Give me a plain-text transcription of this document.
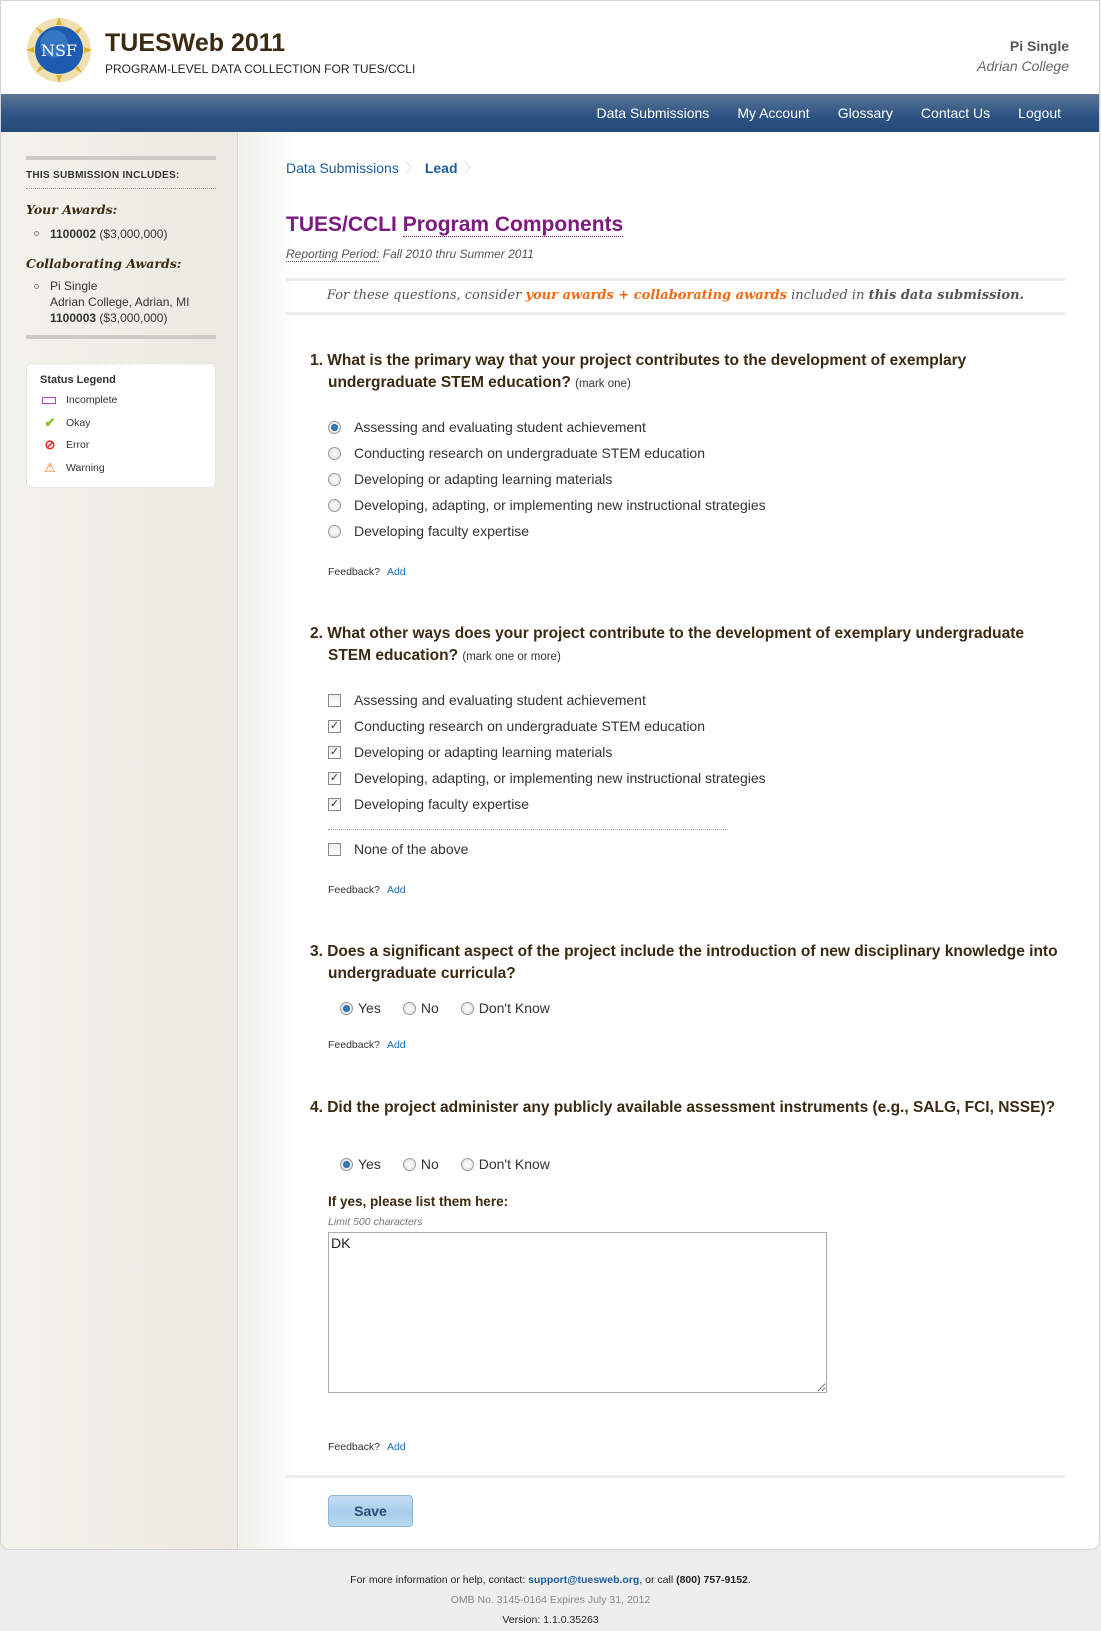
NSF TUESWeb 2011
PROGRAM-LEVEL DATA COLLECTION FOR TUES/CCLI
Pi Single
Adrian College
Data Submissions My Account Glossary Contact Us Logout
THIS SUBMISSION INCLUDES:
Your Awards:
1100002 ($3,000,000)
Collaborating Awards:
Pi Single
Adrian College, Adrian, MI
1100003 ($3,000,000)
Status Legend
Incomplete
✔ Okay
⊘ Error
⚠ Warning
Data Submissions 〉 Lead 〉
TUES/CCLI Program Components
Reporting Period: Fall 2010 thru Summer 2011
For these questions, consider your awards + collaborating awards included in this data submission.
1. What is the primary way that your project contributes to the development of exemplary undergraduate STEM education? (mark one)
Assessing and evaluating student achievement
Conducting research on undergraduate STEM education
Developing or adapting learning materials
Developing, adapting, or implementing new instructional strategies
Developing faculty expertise
Feedback? Add
2. What other ways does your project contribute to the development of exemplary undergraduate STEM education? (mark one or more)
Assessing and evaluating student achievement
✓ Conducting research on undergraduate STEM education
✓ Developing or adapting learning materials
✓ Developing, adapting, or implementing new instructional strategies
✓ Developing faculty expertise
None of the above
Feedback? Add
3. Does a significant aspect of the project include the introduction of new disciplinary knowledge into undergraduate curricula?
Yes	No	Don't Know
Feedback? Add
4. Did the project administer any publicly available assessment instruments (e.g., SALG, FCI, NSSE)?
Yes	No	Don't Know
If yes, please list them here:
Limit 500 characters
DK
Feedback? Add
Save
For more information or help, contact: support@tuesweb.org, or call (800) 757-9152.
OMB No. 3145-0164 Expires July 31, 2012
Version: 1.1.0.35263
